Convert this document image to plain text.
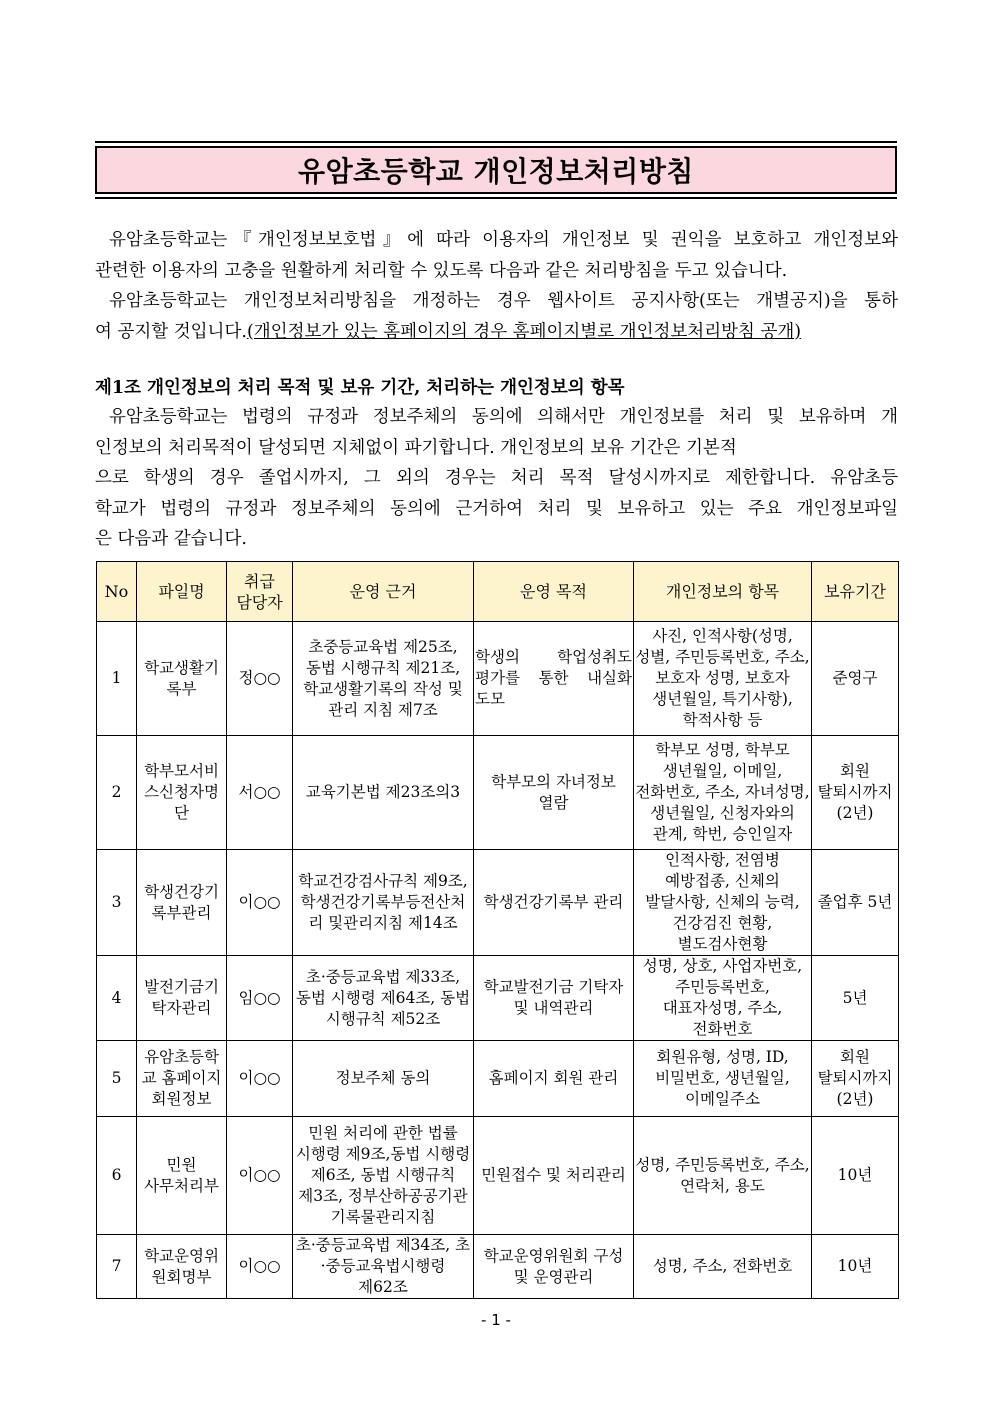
유암초등학교 개인정보처리방침
유암초등학교는『개인정보보호법』에 따라 이용자의 개인정보 및 권익을 보호하고 개인정보와
관련한 이용자의 고충을 원활하게 처리할 수 있도록 다음과 같은 처리방침을 두고 있습니다.
유암초등학교는 개인정보처리방침을 개정하는 경우 웹사이트 공지사항(또는 개별공지)을 통하
여 공지할 것입니다.(개인정보가 있는 홈페이지의 경우 홈페이지별로 개인정보처리방침 공개)
제1조 개인정보의 처리 목적 및 보유 기간, 처리하는 개인정보의 항목
유암초등학교는 법령의 규정과 정보주체의 동의에 의해서만 개인정보를 처리 및 보유하며 개
인정보의 처리목적이 달성되면 지체없이 파기합니다. 개인정보의 보유 기간은 기본적
으로 학생의 경우 졸업시까지, 그 외의 경우는 처리 목적 달성시까지로 제한합니다. 유암초등
학교가 법령의 규정과 정보주체의 동의에 근거하여 처리 및 보유하고 있는 주요 개인정보파일
은 다음과 같습니다.
No	파일명	취급 담당자	운영 근거	운영 목적	개인정보의 항목	보유기간
1	학교생활기록부	정○○	초중등교육법 제25조, 동법 시행규칙 제21조, 학교생활기록의 작성 및 관리 지침 제7조	학생의 학업성취도 평가를 통한 내실화 도모	사진, 인적사항(성명, 성별, 주민등록번호, 주소, 보호자 성명, 보호자 생년월일, 특기사항), 학적사항 등	준영구
2	학부모서비스신청자명단	서○○	교육기본법 제23조의3	학부모의 자녀정보 열람	학부모 성명, 학부모 생년월일, 이메일, 전화번호, 주소, 자녀성명, 생년월일, 신청자와의 관계, 학번, 승인일자	회원 탈퇴시까지(2년)
3	학생건강기록부관리	이○○	학교건강검사규칙 제9조, 학생건강기록부등전산처리 및관리지침 제14조	학생건강기록부 관리	인적사항, 전염병 예방접종, 신체의 발달사항, 신체의 능력, 건강검진 현황, 별도검사현황	졸업후 5년
4	발전기금기탁자관리	임○○	초·중등교육법 제33조, 동법 시행령 제64조, 동법 시행규칙 제52조	학교발전기금 기탁자 및 내역관리	성명, 상호, 사업자번호, 주민등록번호, 대표자성명, 주소, 전화번호	5년
5	유암초등학교 홈페이지 회원정보	이○○	정보주체 동의	홈페이지 회원 관리	회원유형, 성명, ID, 비밀번호, 생년월일, 이메일주소	회원 탈퇴시까지(2년)
6	민원 사무처리부	이○○	민원 처리에 관한 법률 시행령 제9조,동법 시행령 제6조, 동법 시행규칙 제3조, 정부산하공공기관 기록물관리지침	민원접수 및 처리관리	성명, 주민등록번호, 주소, 연락처, 용도	10년
7	학교운영위원회명부	이○○	초·중등교육법 제34조, 초·중등교육법시행령 제62조	학교운영위원회 구성 및 운영관리	성명, 주소, 전화번호	10년
- 1 -
